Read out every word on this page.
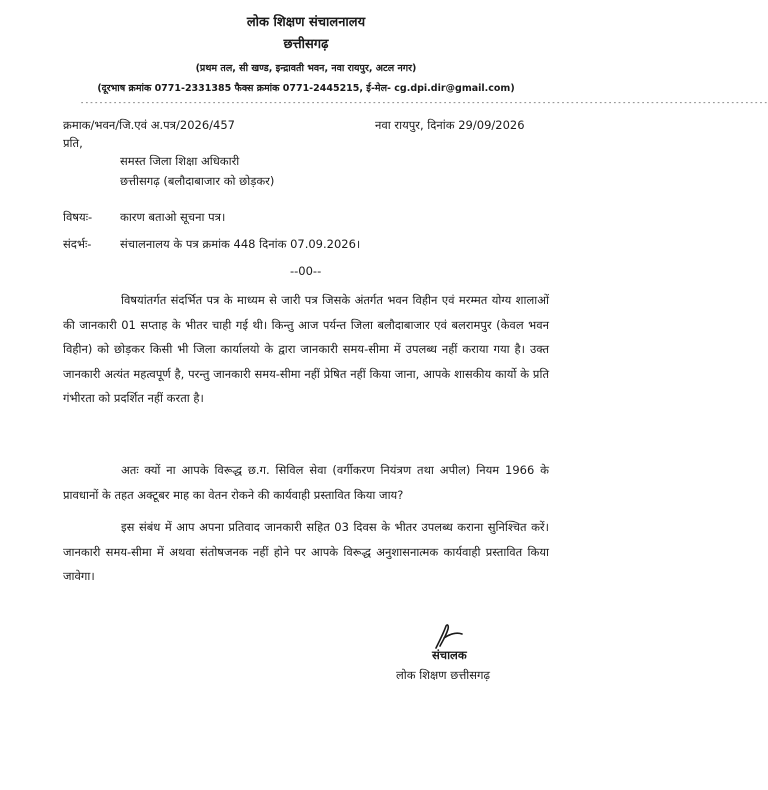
लोक शिक्षण संचालनालय
छत्तीसगढ़
(प्रथम तल, सी खण्ड, इन्द्रावती भवन, नवा रायपुर, अटल नगर)
(दूरभाष क्रमांक 0771-2331385 फैक्स क्रमांक 0771-2445215, ई-मेल- cg.dpi.dir@gmail.com)
--------------------------------------------------------------------------------------------------------------------------------------------------
क्रमाक/भवन/जि.एवं अ.पत्र/2026/457	नवा रायपुर, दिनांक 29/09/2026
प्रति,
समस्त जिला शिक्षा अधिकारी
छत्तीसगढ़ (बलौदाबाजार को छोड़कर)
विषयः- कारण बताओ सूचना पत्र।
संदर्भः- संचालनालय के पत्र क्रमांक 448 दिनांक 07.09.2026।
--00--
विषयांतर्गत संदर्भित पत्र के माध्यम से जारी पत्र जिसके अंतर्गत भवन विहीन एवं मरम्मत योग्य शालाओं की जानकारी 01 सप्ताह के भीतर चाही गई थी। किन्तु आज पर्यन्त जिला बलौदाबाजार एवं बलरामपुर (केवल भवन विहीन) को छोड़कर किसी भी जिला कार्यालयो के द्वारा जानकारी समय-सीमा में उपलब्ध नहीं कराया गया है। उक्त जानकारी अत्यंत महत्वपूर्ण है, परन्तु जानकारी समय-सीमा नहीं प्रेषित नहीं किया जाना, आपके शासकीय कार्यो के प्रति गंभीरता को प्रदर्शित नहीं करता है।
अतः क्यों ना आपके विरूद्ध छ.ग. सिविल सेवा (वर्गीकरण नियंत्रण तथा अपील) नियम 1966 के प्रावधानों के तहत अक्टूबर माह का वेतन रोकने की कार्यवाही प्रस्तावित किया जाय?
इस संबंध में आप अपना प्रतिवाद जानकारी सहित 03 दिवस के भीतर उपलब्ध कराना सुनिश्चित करें। जानकारी समय-सीमा में अथवा संतोषजनक नहीं होने पर आपके विरूद्ध अनुशासनात्मक कार्यवाही प्रस्तावित किया जावेगा।
संचालक
लोक शिक्षण छत्तीसगढ़
